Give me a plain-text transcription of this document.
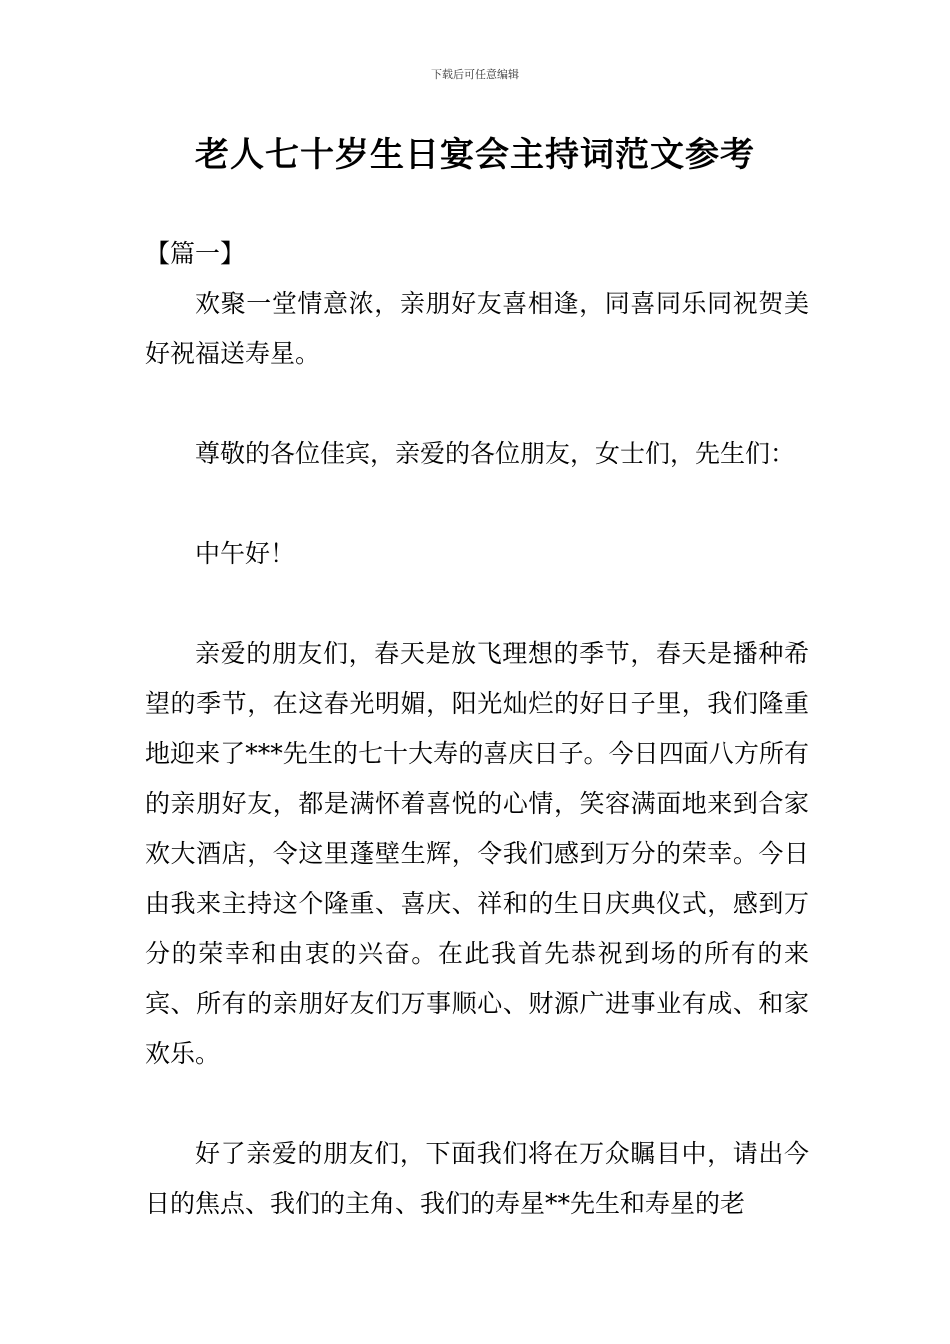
下载后可任意编辑
老人七十岁生日宴会主持词范文参考

【篇一】

欢聚一堂情意浓，亲朋好友喜相逢，同喜同乐同祝贺美好祝福送寿星。

尊敬的各位佳宾，亲爱的各位朋友，女士们，先生们：

中午好！

亲爱的朋友们，春天是放飞理想的季节，春天是播种希望的季节，在这春光明媚，阳光灿烂的好日子里，我们隆重地迎来了***先生的七十大寿的喜庆日子。今日四面八方所有的亲朋好友，都是满怀着喜悦的心情，笑容满面地来到合家欢大酒店，令这里蓬壁生辉，令我们感到万分的荣幸。今日由我来主持这个隆重、喜庆、祥和的生日庆典仪式，感到万分的荣幸和由衷的兴奋。在此我首先恭祝到场的所有的来宾、所有的亲朋好友们万事顺心、财源广进事业有成、和家欢乐。

好了亲爱的朋友们，下面我们将在万众瞩目中，请出今日的焦点、我们的主角、我们的寿星**先生和寿星的老
